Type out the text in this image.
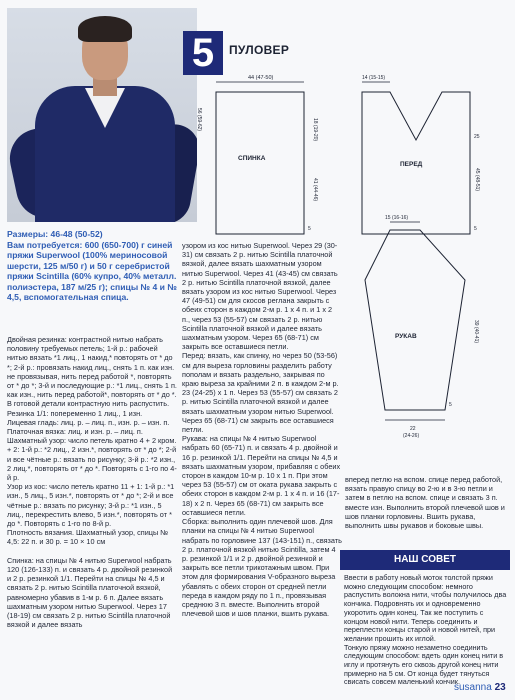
5	ПУЛОВЕР
СПИНКА
44 (47-50)
18 (19-20)
41 (44-46)
56 (59-62)
5
14 (15-15)
ПЕРЕД
25
45 (48-51)
5
15 (16-16)
РУКАВ	39 (40-41)
22
(24-26)
5
Размеры: 46-48 (50-52)
Вам потребуется: 600 (650-700) г синей пряжи Superwool (100% мериносовой шерсти, 125 м/50 г) и 50 г серебристой пряжи Scintilla (60% купро, 40% металл. полиэстера, 187 м/25 г); спицы № 4 и № 4,5, вспомогательная спица.
Двойная резинка: контрастной нитью набрать половину требуемых петель; 1-й р.: рабочей нитью вязать *1 лиц., 1 накид,* повторять от * до *; 2-й р.: провязать накид лиц., снять 1 п. как изн. не провязывая, нить перед работой *, повторять от * до *; 3-й и последующие р.: *1 лиц., снять 1 п. как изн., нить перед работой*, повторять от * до *. В готовой детали контрастную нить распустить.
Резинка 1/1: попеременно 1 лиц., 1 изн.
Лицевая гладь: лиц. р. – лиц. п., изн. р. – изн. п.
Платочная вязка: лиц. и изн. р. – лиц. п.
Шахматный узор: число петель кратно 4 + 2 кром. + 2: 1-й р.: *2 лиц., 2 изн.*, повторять от * до *; 2-й и все чётные р.: вязать по рисунку; 3-й р.: *2 изн., 2 лиц.*, повторять от * до *. Повторять с 1-го по 4-й р.
Узор из кос: число петель кратно 11 + 1: 1-й р.: *1 изн., 5 лиц., 5 изн.*, повторять от * до *; 2-й и все чётные р.: вязать по рисунку; 3-й р.: *1 изн., 5 лиц., перекрестить влево, 5 изн.*, повторять от * до *. Повторять с 1-го по 8-й р.
Плотность вязания. Шахматный узор, спицы № 4,5: 22 п. и 30 р. = 10 × 10 см

Спинка: на спицы № 4 нитью Superwool набрать 120 (126-133) п. и связать 4 р. двойной резинкой и 2 р. резинкой 1/1. Перейти на спицы № 4,5 и связать 2 р. нитью Scintilla платочной вязкой, равномерно убавив в 1-м р. 6 п. Далее вязать шахматным узором нитью Superwool. Через 17 (18-19) см связать 2 р. нитью Scintilla платочной вязкой и далее вязать
узором из кос нитью Superwool. Через 29 (30-31) см связать 2 р. нитью Scintilla платочной вязкой, далее вязать шахматным узором нитью Superwool. Через 41 (43-45) см связать 2 р. нитью Scintilla платочной вязкой, далее вязать узором из кос нитью Superwool. Через 47 (49-51) см для скосов реглана закрыть с обеих сторон в каждом 2-м р. 1 х 4 п. и 1 х 2 п., через 53 (55-57) см связать 2 р. нитью Scintilla платочной вязкой и далее вязать шахматным узором. Через 65 (68-71) см закрыть все оставшиеся петли.
Перед: вязать, как спинку, но через 50 (53-56) см для выреза горловины разделить работу пополам и вязать раздельно, закрывая по краю выреза за крайними 2 п. в каждом 2-м р. 23 (24-25) х 1 п. Через 53 (55-57) см связать 2 р. нитью Scintilla платочной вязкой и далее вязать шахматным узором нитью Superwool. Через 65 (68-71) см закрыть все оставшиеся петли.
Рукава: на спицы № 4 нитью Superwool набрать 60 (65-71) п. и связать 4 р. двойной и 16 р. резинкой 1/1. Перейти на спицы № 4,5 и вязать шахматным узором, прибавляя с обеих сторон в каждом 10-м р. 10 х 1 п. При этом через 53 (55-57) см от оката рукава закрыть с обеих сторон в каждом 2-м р. 1 х 4 п. и 16 (17-18) х 2 п. Через 65 (68-71) см закрыть все оставшиеся петли.
Сборка: выполнить один плечевой шов. Для планки на спицы № 4 нитью Superwool набрать по горловине 137 (143-151) п., связать 2 р. платочной вязкой нитью Scintilla, затем 4 р. резинкой 1/1 и 2 р. двойной резинкой и закрыть все петли трикотажным швом. При этом для формирования V-образного выреза убавлять с обеих сторон от средней петли переда в каждом ряду по 1 п., провязывая среднюю 3 п. вместе. Выполнить второй плечевой шов и шов планки, вшить рукава.
вперед петлю на вспом. спице перед работой, вязать правую спицу во 2-ю и в 3-ю петли и затем в петлю на вспом. спице и связать 3 п. вместе изн. Выполнить второй плечевой шов и шов планки горловины. Вшить рукава, выполнить швы рукавов и боковые швы.
НАШ СОВЕТ
Ввести в работу новый моток толстой пряжи можно следующим способом: немного распустить волокна нити, чтобы получилось два кончика. Подровнять их и одновременно укоротить один конец. Так же поступить с концом новой нити. Теперь соединить и переплести концы старой и новой нитей, при желании прошить их иглой.
Тонкую пряжу можно незаметно соединить следующим способом: вдеть один конец нити в иглу и протянуть его сквозь другой конец нити примерно на 5 см. От конца будет тянуться свисать совсем маленький кончик.
susanna 23
